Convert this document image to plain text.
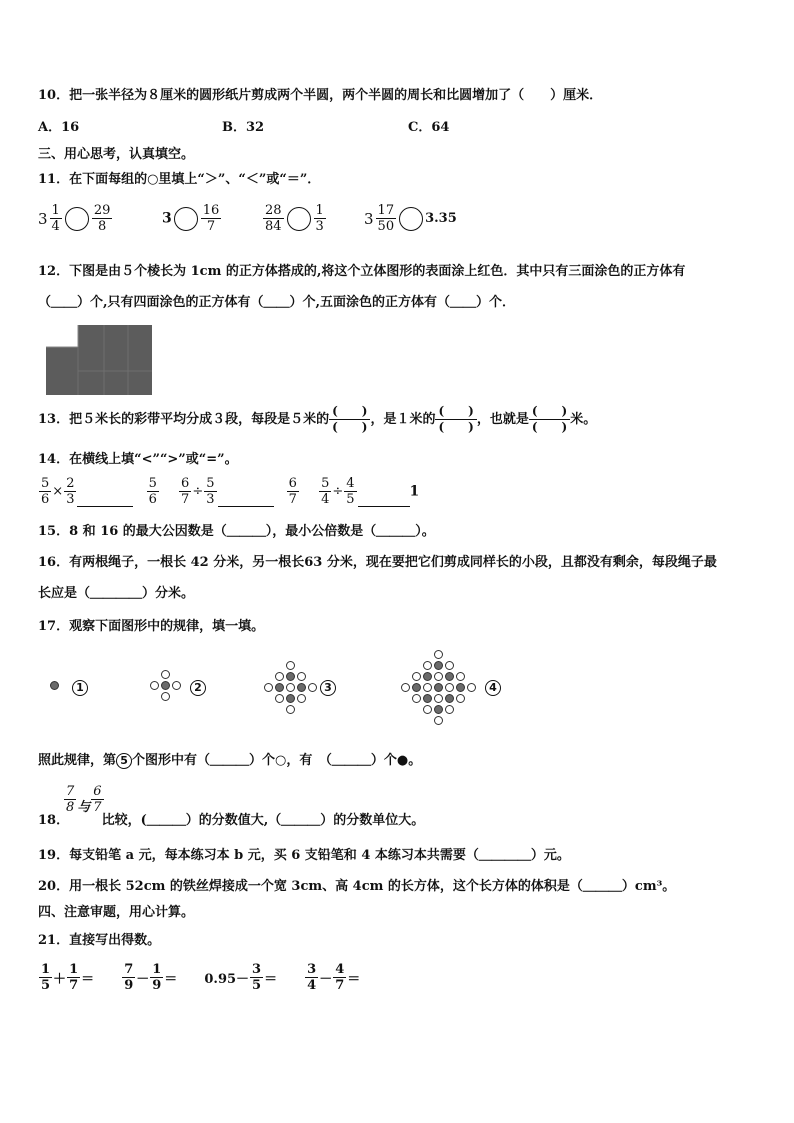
10．把一张半径为８厘米的圆形纸片剪成两个半圆，两个半圆的周长和比圆增加了（　　）厘米．
A．16	B．32	C．64
三、用心思考，认真填空。
11．在下面每组的○里填上“＞”、“＜”或“＝”．
$3 \frac{1}{4} \frac{29}{8}$	$3 \frac{16}{7}$	$\frac{28}{84} \frac{1}{3}$	$3 \frac{17}{50} 3.35$
12．下图是由５个棱长为 1cm 的正方体搭成的,将这个立体图形的表面涂上红色．其中只有三面涂色的正方体有
（＿＿）个,只有四面涂色的正方体有（＿＿）个,五面涂色的正方体有（＿＿）个．
13．把５米长的彩带平均分成３段，每段是５米的 $\frac{( )}{( )}$ ，是１米的 $\frac{( )}{( )}$ ，也就是 $\frac{( )}{( )}$ 米。
14．在横线上填“<”“>”或“=”。
$\frac{5}{6} \times \frac{2}{3}$
	$\frac{5}{6}$
$\frac{6}{7} \div \frac{5}{3}$
	$\frac{6}{7}$
$\frac{5}{4} \div \frac{4}{5}$	1
15．8 和 16 的最大公因数是（＿＿＿），最小公倍数是（＿＿＿）。
16．有两根绳子，一根长 42 分米，另一根长63 分米，现在要把它们剪成同样长的小段，且都没有剩余，每段绳子最
长应是（＿＿＿＿）分米。
17．观察下面图形中的规律，填一填。
1	2	3	4
照此规律，第 5 个图形中有（＿＿＿）个○，有　（＿＿＿）个●。
$\frac{7}{8}$ 与 $\frac{6}{7}$
18．　　　比较，(＿＿＿）的分数值大,（＿＿＿）的分数单位大。
19．每支铅笔 a 元，每本练习本 b 元，买 6 支铅笔和 4 本练习本共需要（＿＿＿＿）元。
20．用一根长 52cm 的铁丝焊接成一个宽 3cm、高 4cm 的长方体，这个长方体的体积是（＿＿＿）cm³。
四、注意审题，用心计算。
21．直接写出得数。
$\frac{1}{5} + \frac{1}{7} = \frac{7}{9} - \frac{1}{9} = 0.95- \frac{3}{5} = \frac{3}{4} - \frac{4}{7}$ ＝
